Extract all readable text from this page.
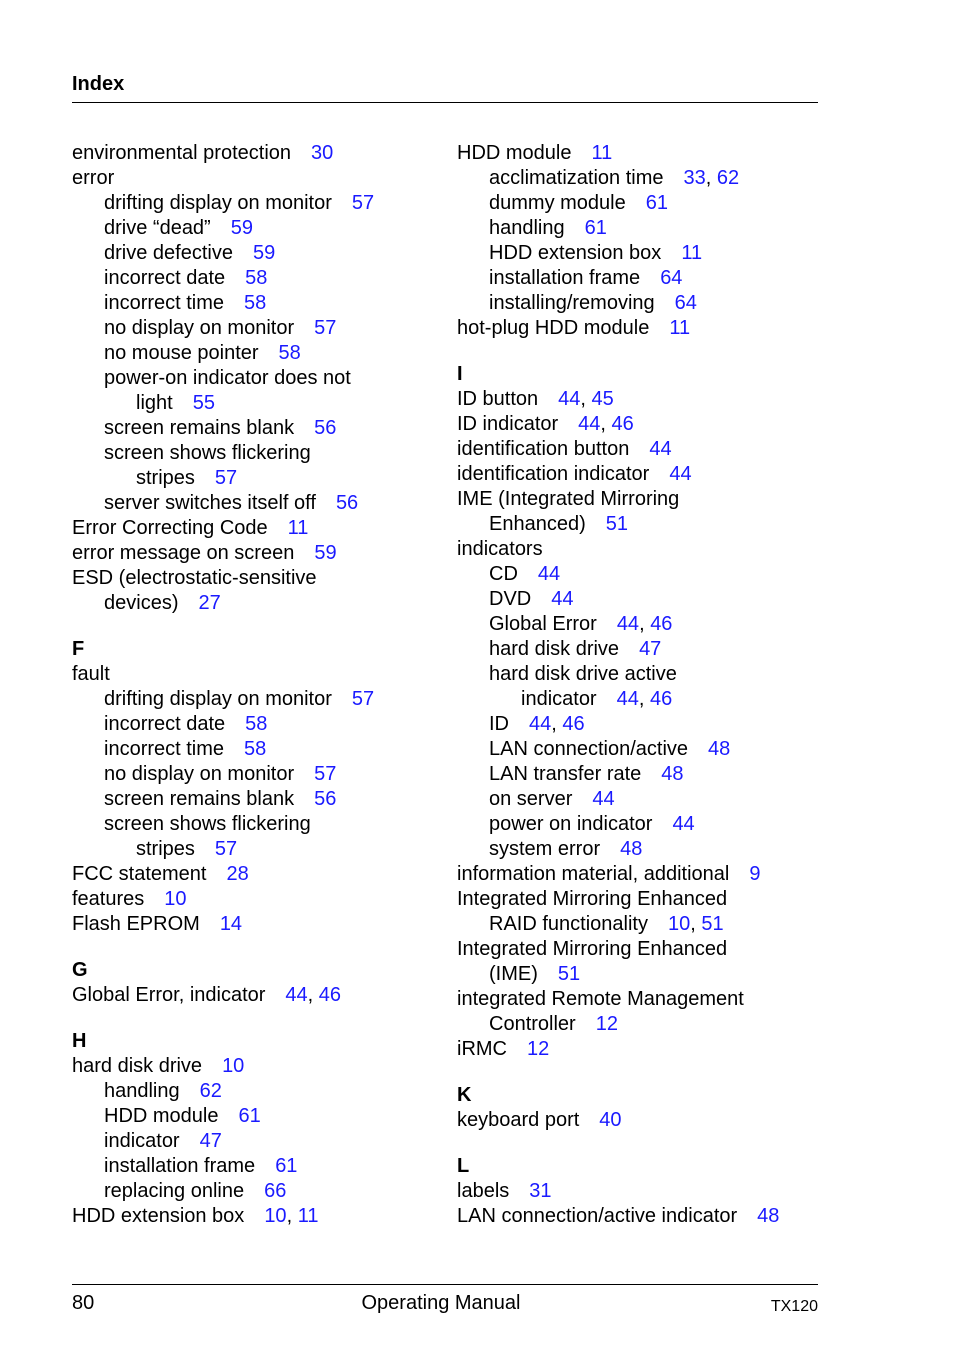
Index
environmental protection 30
error
drifting display on monitor 57
drive “dead” 59
drive defective 59
incorrect date 58
incorrect time 58
no display on monitor 57
no mouse pointer 58
power-on indicator does not
light 55
screen remains blank 56
screen shows flickering
stripes 57
server switches itself off 56
Error Correcting Code 11
error message on screen 59
ESD (electrostatic-sensitive
devices) 27
F
fault
drifting display on monitor 57
incorrect date 58
incorrect time 58
no display on monitor 57
screen remains blank 56
screen shows flickering
stripes 57
FCC statement 28
features 10
Flash EPROM 14
G
Global Error, indicator 44, 46
H
hard disk drive 10
handling 62
HDD module 61
indicator 47
installation frame 61
replacing online 66
HDD extension box 10, 11
HDD module 11
acclimatization time 33, 62
dummy module 61
handling 61
HDD extension box 11
installation frame 64
installing/removing 64
hot-plug HDD module 11
I
ID button 44, 45
ID indicator 44, 46
identification button 44
identification indicator 44
IME (Integrated Mirroring
Enhanced) 51
indicators
CD 44
DVD 44
Global Error 44, 46
hard disk drive 47
hard disk drive active
indicator 44, 46
ID 44, 46
LAN connection/active 48
LAN transfer rate 48
on server 44
power on indicator 44
system error 48
information material, additional 9
Integrated Mirroring Enhanced
RAID functionality 10, 51
Integrated Mirroring Enhanced
(IME) 51
integrated Remote Management
Controller 12
iRMC 12
K
keyboard port 40
L
labels 31
LAN connection/active indicator 48
80	Operating Manual	TX120
